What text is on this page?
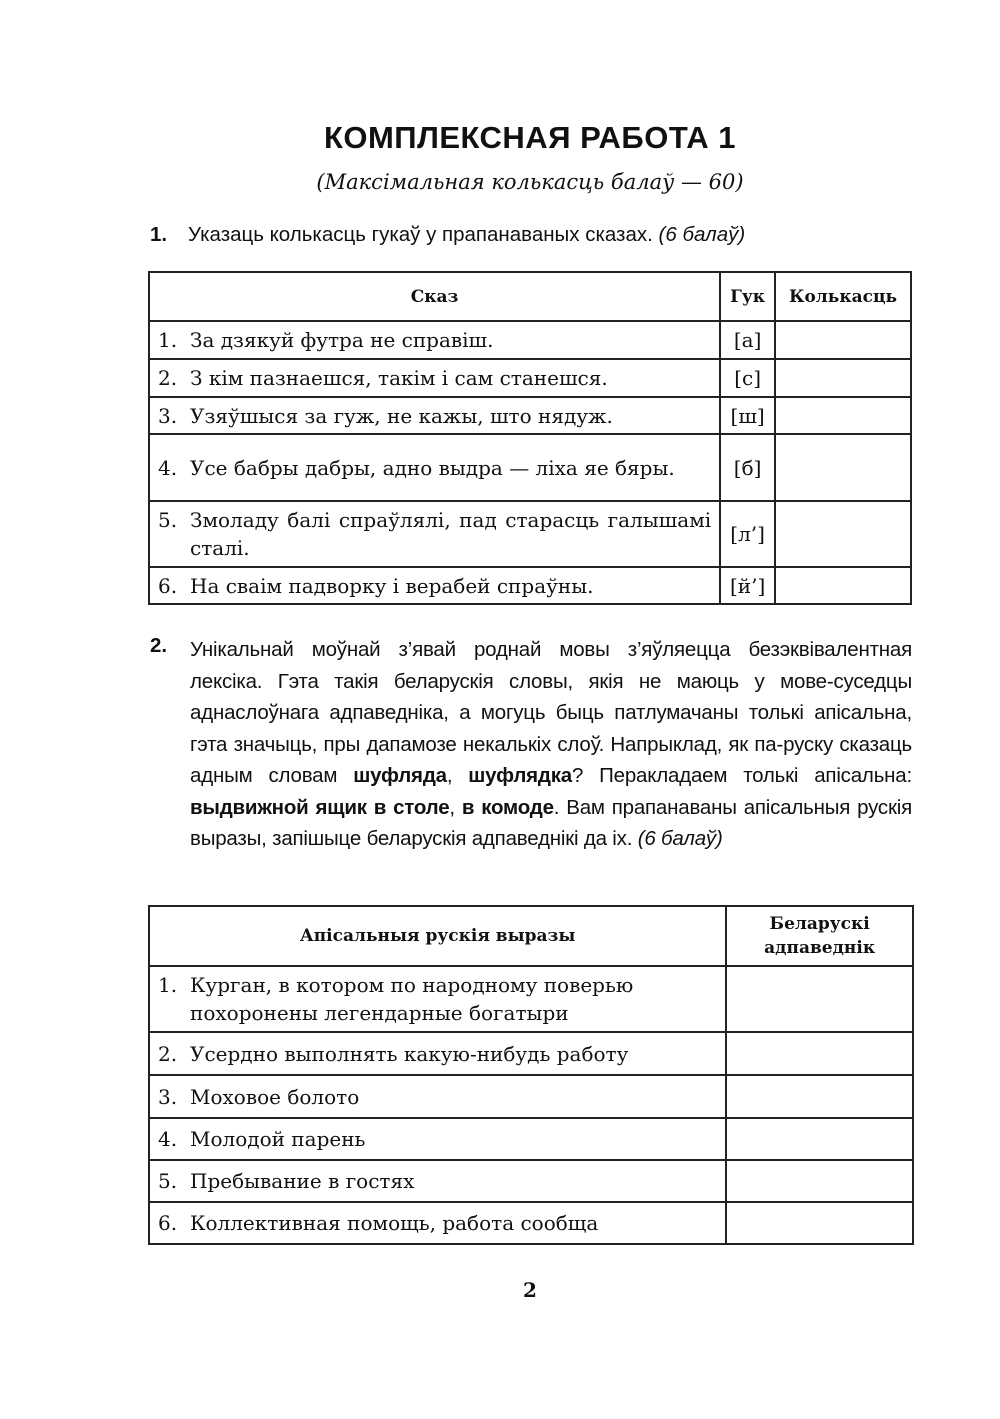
КОМПЛЕКСНАЯ РАБОТА 1
(Максімальная колькасць балаў — 60)
1.	Указаць колькасць гукаў у прапанаваных сказах. (6 балаў)
Сказ	Гук	Колькасць

1. За дзякуй футра не справіш.	[а]	

2. З кім пазнаешся, такім і сам станешся.	[с]	

3. Узяўшыся за гуж, не кажы, што нядуж.	[ш]	

4. Усе бабры дабры, адно выдра — ліха яе бяры.	[б]	

5. Змоладу балі спраўлялі, пад старасць галышамі сталі.	[л’]	

6. На сваім падворку і верабей спраўны.	[й’]	
2.	Унікальнай моўнай з’явай роднай мовы з’яўляецца безэквівалентная лексіка. Гэта такія беларускія словы, якія не маюць у мове-суседцы аднаслоўнага адпаведніка, а могуць быць патлумачаны толькі апісальна, гэта значыць, пры дапамозе некалькіх слоў. Напрыклад, як па-руску сказаць адным словам шуфляда, шуфлядка? Перакладаем толькі апісальна: выдвижной ящик в столе, в комоде. Вам прапанаваны апісальныя рускія выразы, запішыце беларускія адпаведнікі да іх. (6 балаў)
Апісальныя рускія выразы	Беларускі адпаведнік

1. Курган, в котором по народному поверью похоронены легендарные богатыри	

2. Усердно выполнять какую-нибудь работу	

3. Моховое болото	

4. Молодой парень	

5. Пребывание в гостях	

6. Коллективная помощь, работа сообща	

2
